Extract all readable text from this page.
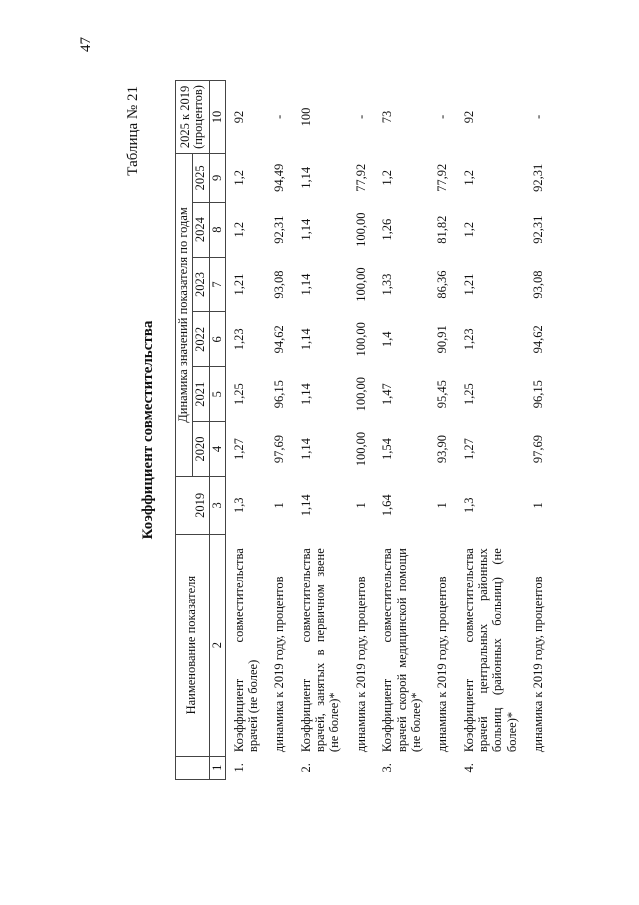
47
Таблица № 21
Коэффициент совместительства
	Наименование показателя	2019	Динамика значений показателя по годам						2025 к 2019 (процентов)
			2020	2021	2022	2023	2024	2025	
1	2	3	4	5	6	7	8	9	10
1.	Коэффициент совместительства врачей (не более)	1,3	1,27	1,25	1,23	1,21	1,2	1,2	92
	динамика к 2019 году, процентов	1	97,69	96,15	94,62	93,08	92,31	94,49	-
2.	Коэффициент совместительства врачей, занятых в первичном звене (не более)*	1,14	1,14	1,14	1,14	1,14	1,14	1,14	100
	динамика к 2019 году, процентов	1	100,00	100,00	100,00	100,00	100,00	77,92	-
3.	Коэффициент совместительства врачей скорой медицинской помощи (не более)*	1,64	1,54	1,47	1,4	1,33	1,26	1,2	73
	динамика к 2019 году, процентов	1	93,90	95,45	90,91	86,36	81,82	77,92	-
4.	Коэффициент совместительства врачей центральных районных больниц (районных больниц) (не более)*	1,3	1,27	1,25	1,23	1,21	1,2	1,2	92
	динамика к 2019 году, процентов	1	97,69	96,15	94,62	93,08	92,31	92,31	-
